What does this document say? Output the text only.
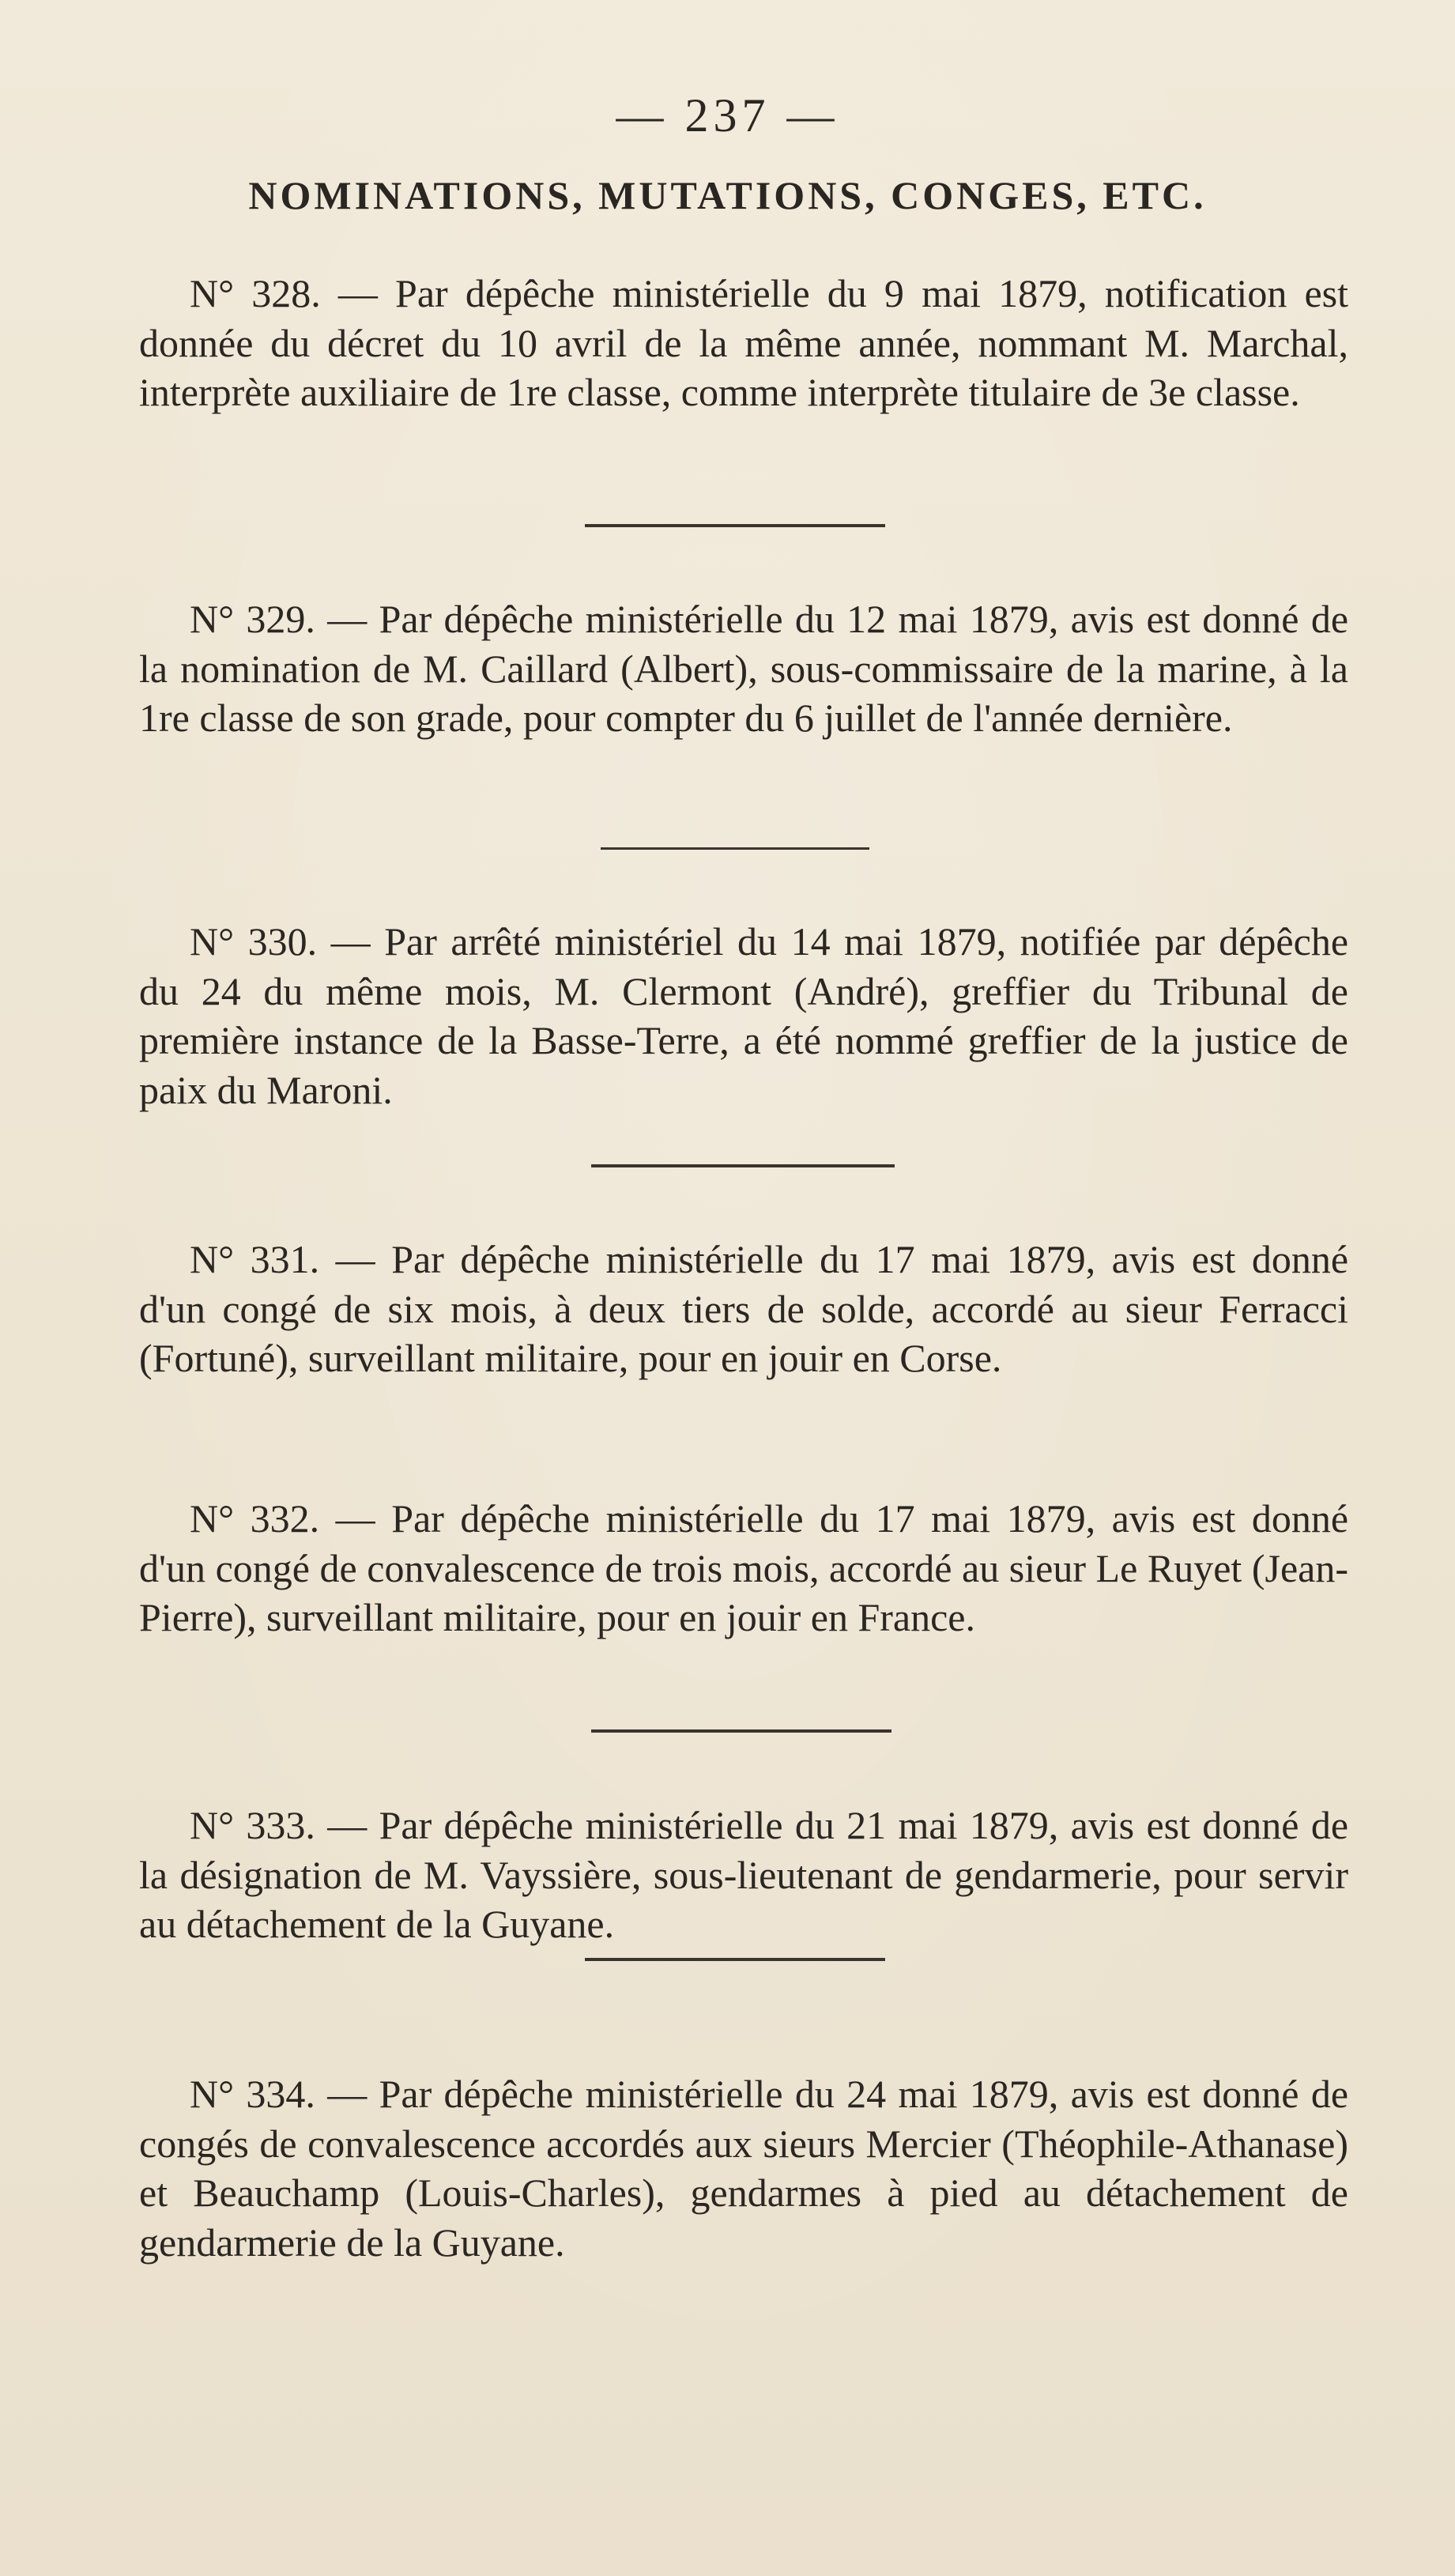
— 237 —
NOMINATIONS, MUTATIONS, CONGES, ETC.

N° 328. — Par dépêche ministérielle du 9 mai 1879, notification est donnée du décret du 10 avril de la même année, nommant M. Marchal, interprète auxiliaire de 1re classe, comme interprète titulaire de 3e classe.

N° 329. — Par dépêche ministérielle du 12 mai 1879, avis est donné de la nomination de M. Caillard (Albert), sous-commissaire de la marine, à la 1re classe de son grade, pour compter du 6 juillet de l'année dernière.

N° 330. — Par arrêté ministériel du 14 mai 1879, notifiée par dépêche du 24 du même mois, M. Clermont (André), greffier du Tribunal de première instance de la Basse-Terre, a été nommé greffier de la justice de paix du Maroni.

N° 331. — Par dépêche ministérielle du 17 mai 1879, avis est donné d'un congé de six mois, à deux tiers de solde, accordé au sieur Ferracci (Fortuné), surveillant militaire, pour en jouir en Corse.

N° 332. — Par dépêche ministérielle du 17 mai 1879, avis est donné d'un congé de convalescence de trois mois, accordé au sieur Le Ruyet (Jean-Pierre), surveillant militaire, pour en jouir en France.

N° 333. — Par dépêche ministérielle du 21 mai 1879, avis est donné de la désignation de M. Vayssière, sous-lieutenant de gendarmerie, pour servir au détachement de la Guyane.

N° 334. — Par dépêche ministérielle du 24 mai 1879, avis est donné de congés de convalescence accordés aux sieurs Mercier (Théophile-Athanase) et Beauchamp (Louis-Charles), gendarmes à pied au détachement de gendarmerie de la Guyane.
